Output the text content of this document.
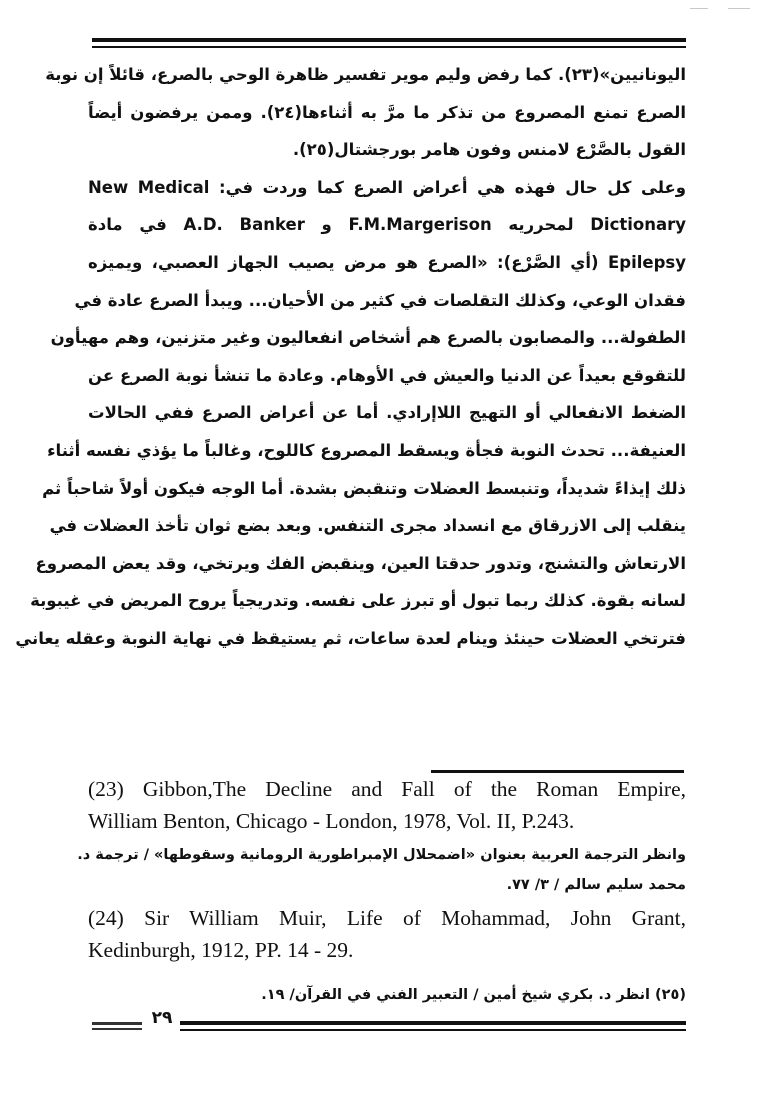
اليونانيين»(٢٣). كما رفض وليم موير تفسير ظاهرة الوحي بالصرع، قائلاً إن نوبة
الصرع تمنع المصروع من تذكر ما مرَّ به أثناءها(٢٤). وممن يرفضون أيضاً
القول بالصَّرْع لامنس وفون هامر بورجشتال(٢٥).
وعلى كل حال فهذه هي أعراض الصرع كما وردت في: New Medical
Dictionary لمحرريه F.M.Margerison و A.D. Banker في مادة
Epilepsy (أي الصَّرْع): «الصرع هو مرض يصيب الجهاز العصبي، ويميزه
فقدان الوعي، وكذلك التقلصات في كثير من الأحيان... ويبدأ الصرع عادة في
الطفولة... والمصابون بالصرع هم أشخاص انفعاليون وغير متزنين، وهم مهيأون
للتقوقع بعيداً عن الدنيا والعيش في الأوهام. وعادة ما تنشأ نوبة الصرع عن
الضغط الانفعالي أو التهيج اللاإرادي. أما عن أعراض الصرع ففي الحالات
العنيفة... تحدث النوبة فجأة ويسقط المصروع كاللوح، وغالباً ما يؤذي نفسه أثناء
ذلك إيذاءً شديداً، وتنبسط العضلات وتنقبض بشدة. أما الوجه فيكون أولاً شاحباً ثم
ينقلب إلى الازرقاق مع انسداد مجرى التنفس. وبعد بضع ثوان تأخذ العضلات في
الارتعاش والتشنج، وتدور حدقتا العين، وينقبض الفك ويرتخي، وقد يعض المصروع
لسانه بقوة. كذلك ربما تبول أو تبرز على نفسه. وتدريجياً يروح المريض في غيبوبة
فترتخي العضلات حينئذ وينام لعدة ساعات، ثم يستيقظ في نهاية النوبة وعقله يعاني
(23) Gibbon,The Decline and Fall of the Roman Empire,
William Benton, Chicago - London, 1978, Vol. II, P.243.
وانظر الترجمة العربية بعنوان «اضمحلال الإمبراطورية الرومانية وسقوطها» / ترجمة د.
محمد سليم سالم / ٣/ ٧٧.
(24) Sir William Muir, Life of Mohammad, John Grant,
Kedinburgh, 1912, PP. 14 - 29.
(٢٥) انظر د. بكري شيخ أمين / التعبير الفني في القرآن/ ١٩.
٢٩
